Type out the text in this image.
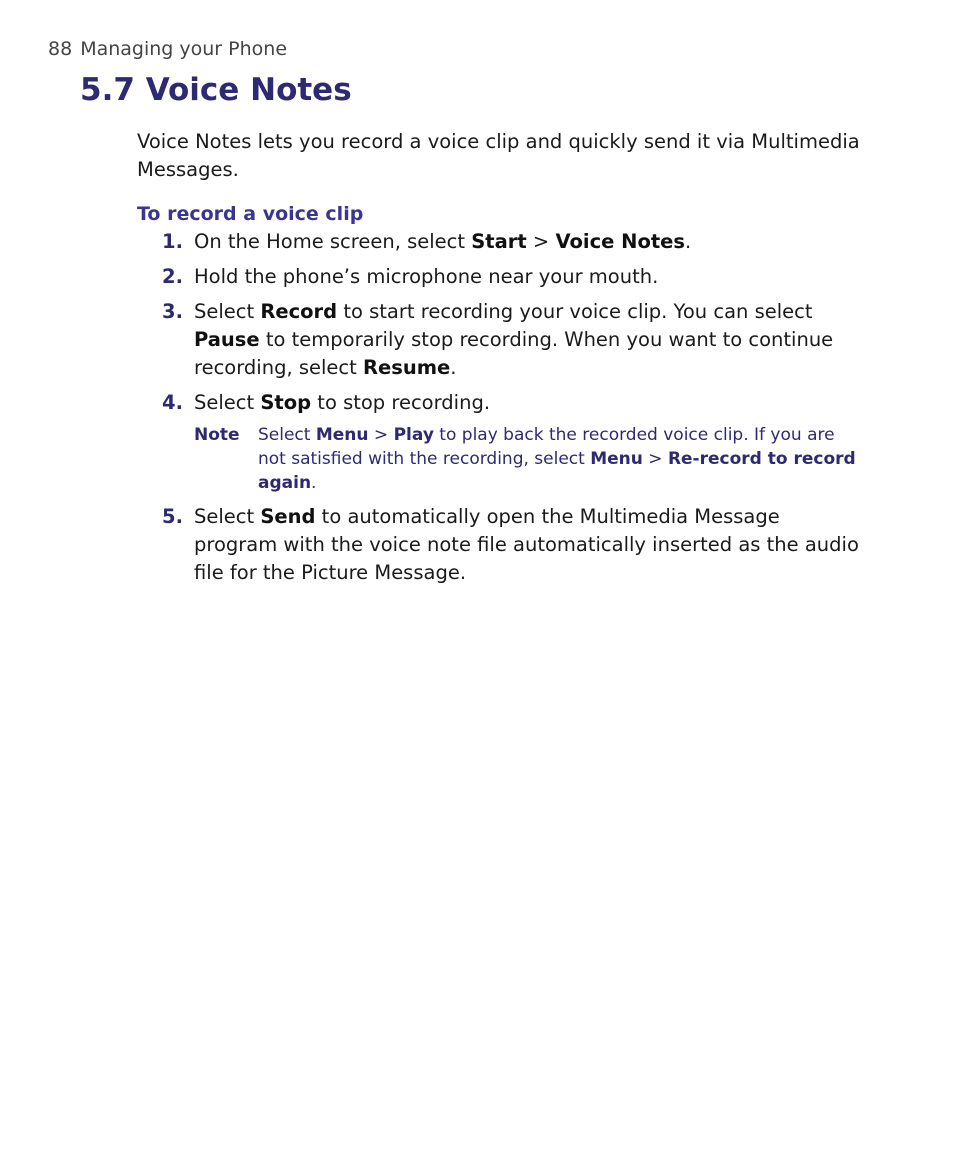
88 Managing your Phone
5.7 Voice Notes

Voice Notes lets you record a voice clip and quickly send it via Multimedia Messages.

To record a voice clip
1. On the Home screen, select Start > Voice Notes.
2. Hold the phone’s microphone near your mouth.
3. Select Record to start recording your voice clip. You can select Pause to temporarily stop recording. When you want to continue recording, select Resume.
4. Select Stop to stop recording.
Note Select Menu > Play to play back the recorded voice clip. If you are not satisfied with the recording, select Menu > Re-record to record again.
5. Select Send to automatically open the Multimedia Message program with the voice note file automatically inserted as the audio file for the Picture Message.
